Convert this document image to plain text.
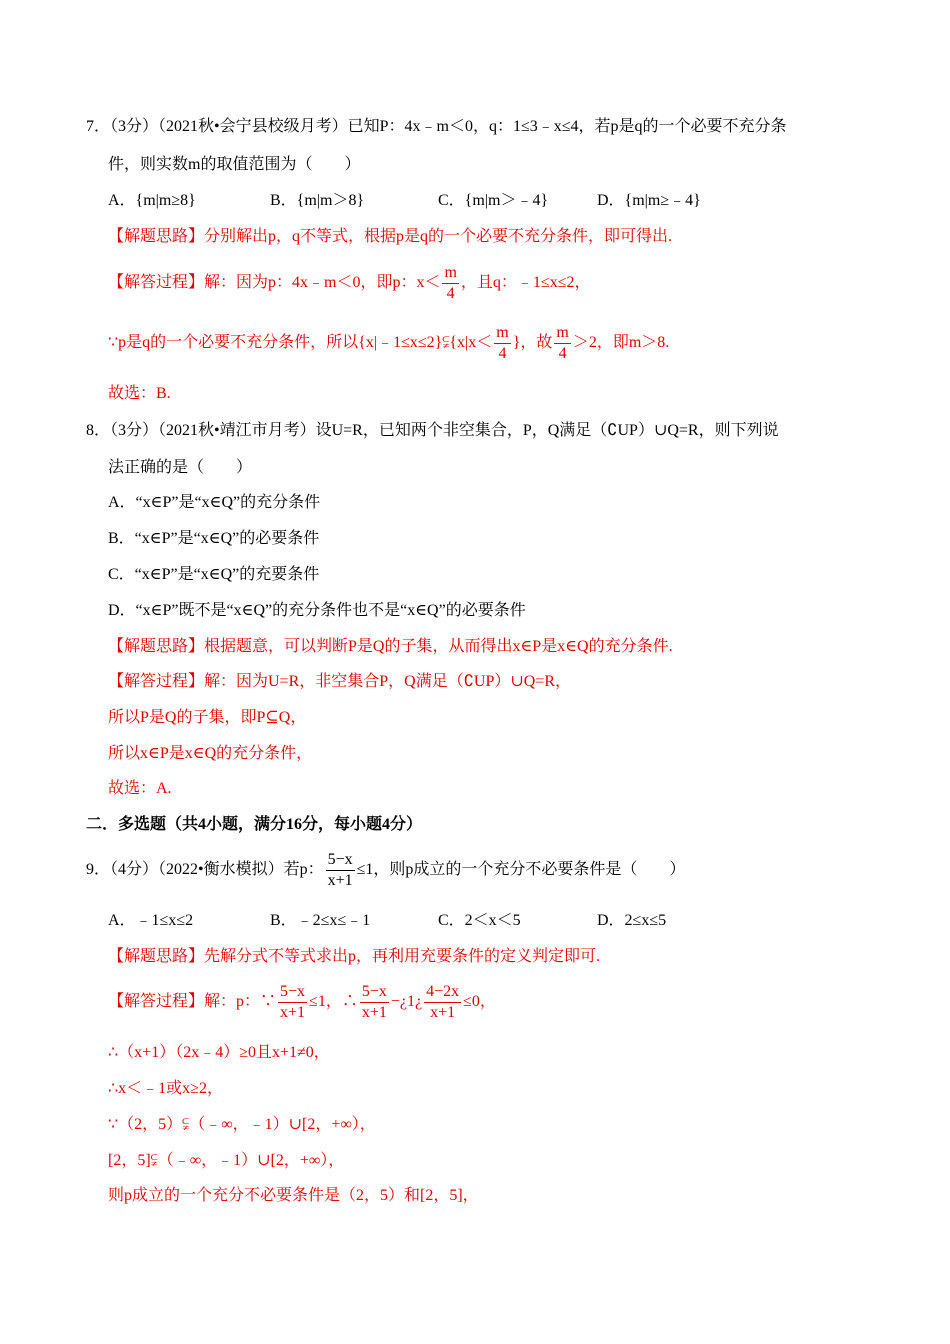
7．（3分）（2021秋•会宁县校级月考）已知P：4x﹣m＜0，q：1≤3﹣x≤4，若p是q的一个必要不充分条
件，则实数m的取值范围为（　　）
A．{m|m≥8}	B．{m|m＞8}	C．{m|m＞﹣4}	D．{m|m≥﹣4}
【解题思路】分别解出p，q不等式，根据p是q的一个必要不充分条件，即可得出.
【解答过程】解：因为p：4x﹣m＜0，即p：$x< \frac{m}{4}$ ，且q：﹣1≤x≤2，
∵p是q的一个必要不充分条件，所以{x|﹣1≤x≤2}⫋{x|x＜ $\frac{m}{4}$ }，故 $\frac{m}{4} >2$，即m＞8.
故选：B.
8．（3分）（2021秋•靖江市月考）设U=R，已知两个非空集合，P，Q满足（∁UP）∪Q=R，则下列说
法正确的是（　　）
A．“x∈P”是“x∈Q”的充分条件
B．“x∈P”是“x∈Q”的必要条件
C．“x∈P”是“x∈Q”的充要条件
D．“x∈P”既不是“x∈Q”的充分条件也不是“x∈Q”的必要条件
【解题思路】根据题意，可以判断P是Q的子集，从而得出x∈P是x∈Q的充分条件.
【解答过程】解：因为U=R，非空集合P，Q满足（∁UP）∪Q=R，
所以P是Q的子集，即P⊆Q，
所以x∈P是x∈Q的充分条件，
故选：A.
二．多选题（共4小题，满分16分，每小题4分）
9．（4分）（2022•衡水模拟）若p： $\frac{5-x}{x+1} \le 1$，则p成立的一个充分不必要条件是（　　）
A．﹣1≤x≤2	B．﹣2≤x≤﹣1	C．2＜x＜5	D．2≤x≤5
【解题思路】先解分式不等式求出p，再利用充要条件的定义判定即可.
【解答过程】解：p：∵ $\frac{5-x}{x+1} \le 1$，∴ $\frac{5-x}{x+1}$ −¿1¿ $\frac{4-2x}{x+1} \le 0$，
∴（x+1）（2x﹣4）≥0且x+1≠0，
∴x＜﹣1或x≥2，
∵（2，5）⫋（﹣∞，﹣1）∪[2，+∞），
[2，5]⫋（﹣∞，﹣1）∪[2，+∞），
则p成立的一个充分不必要条件是（2，5）和[2，5]，
